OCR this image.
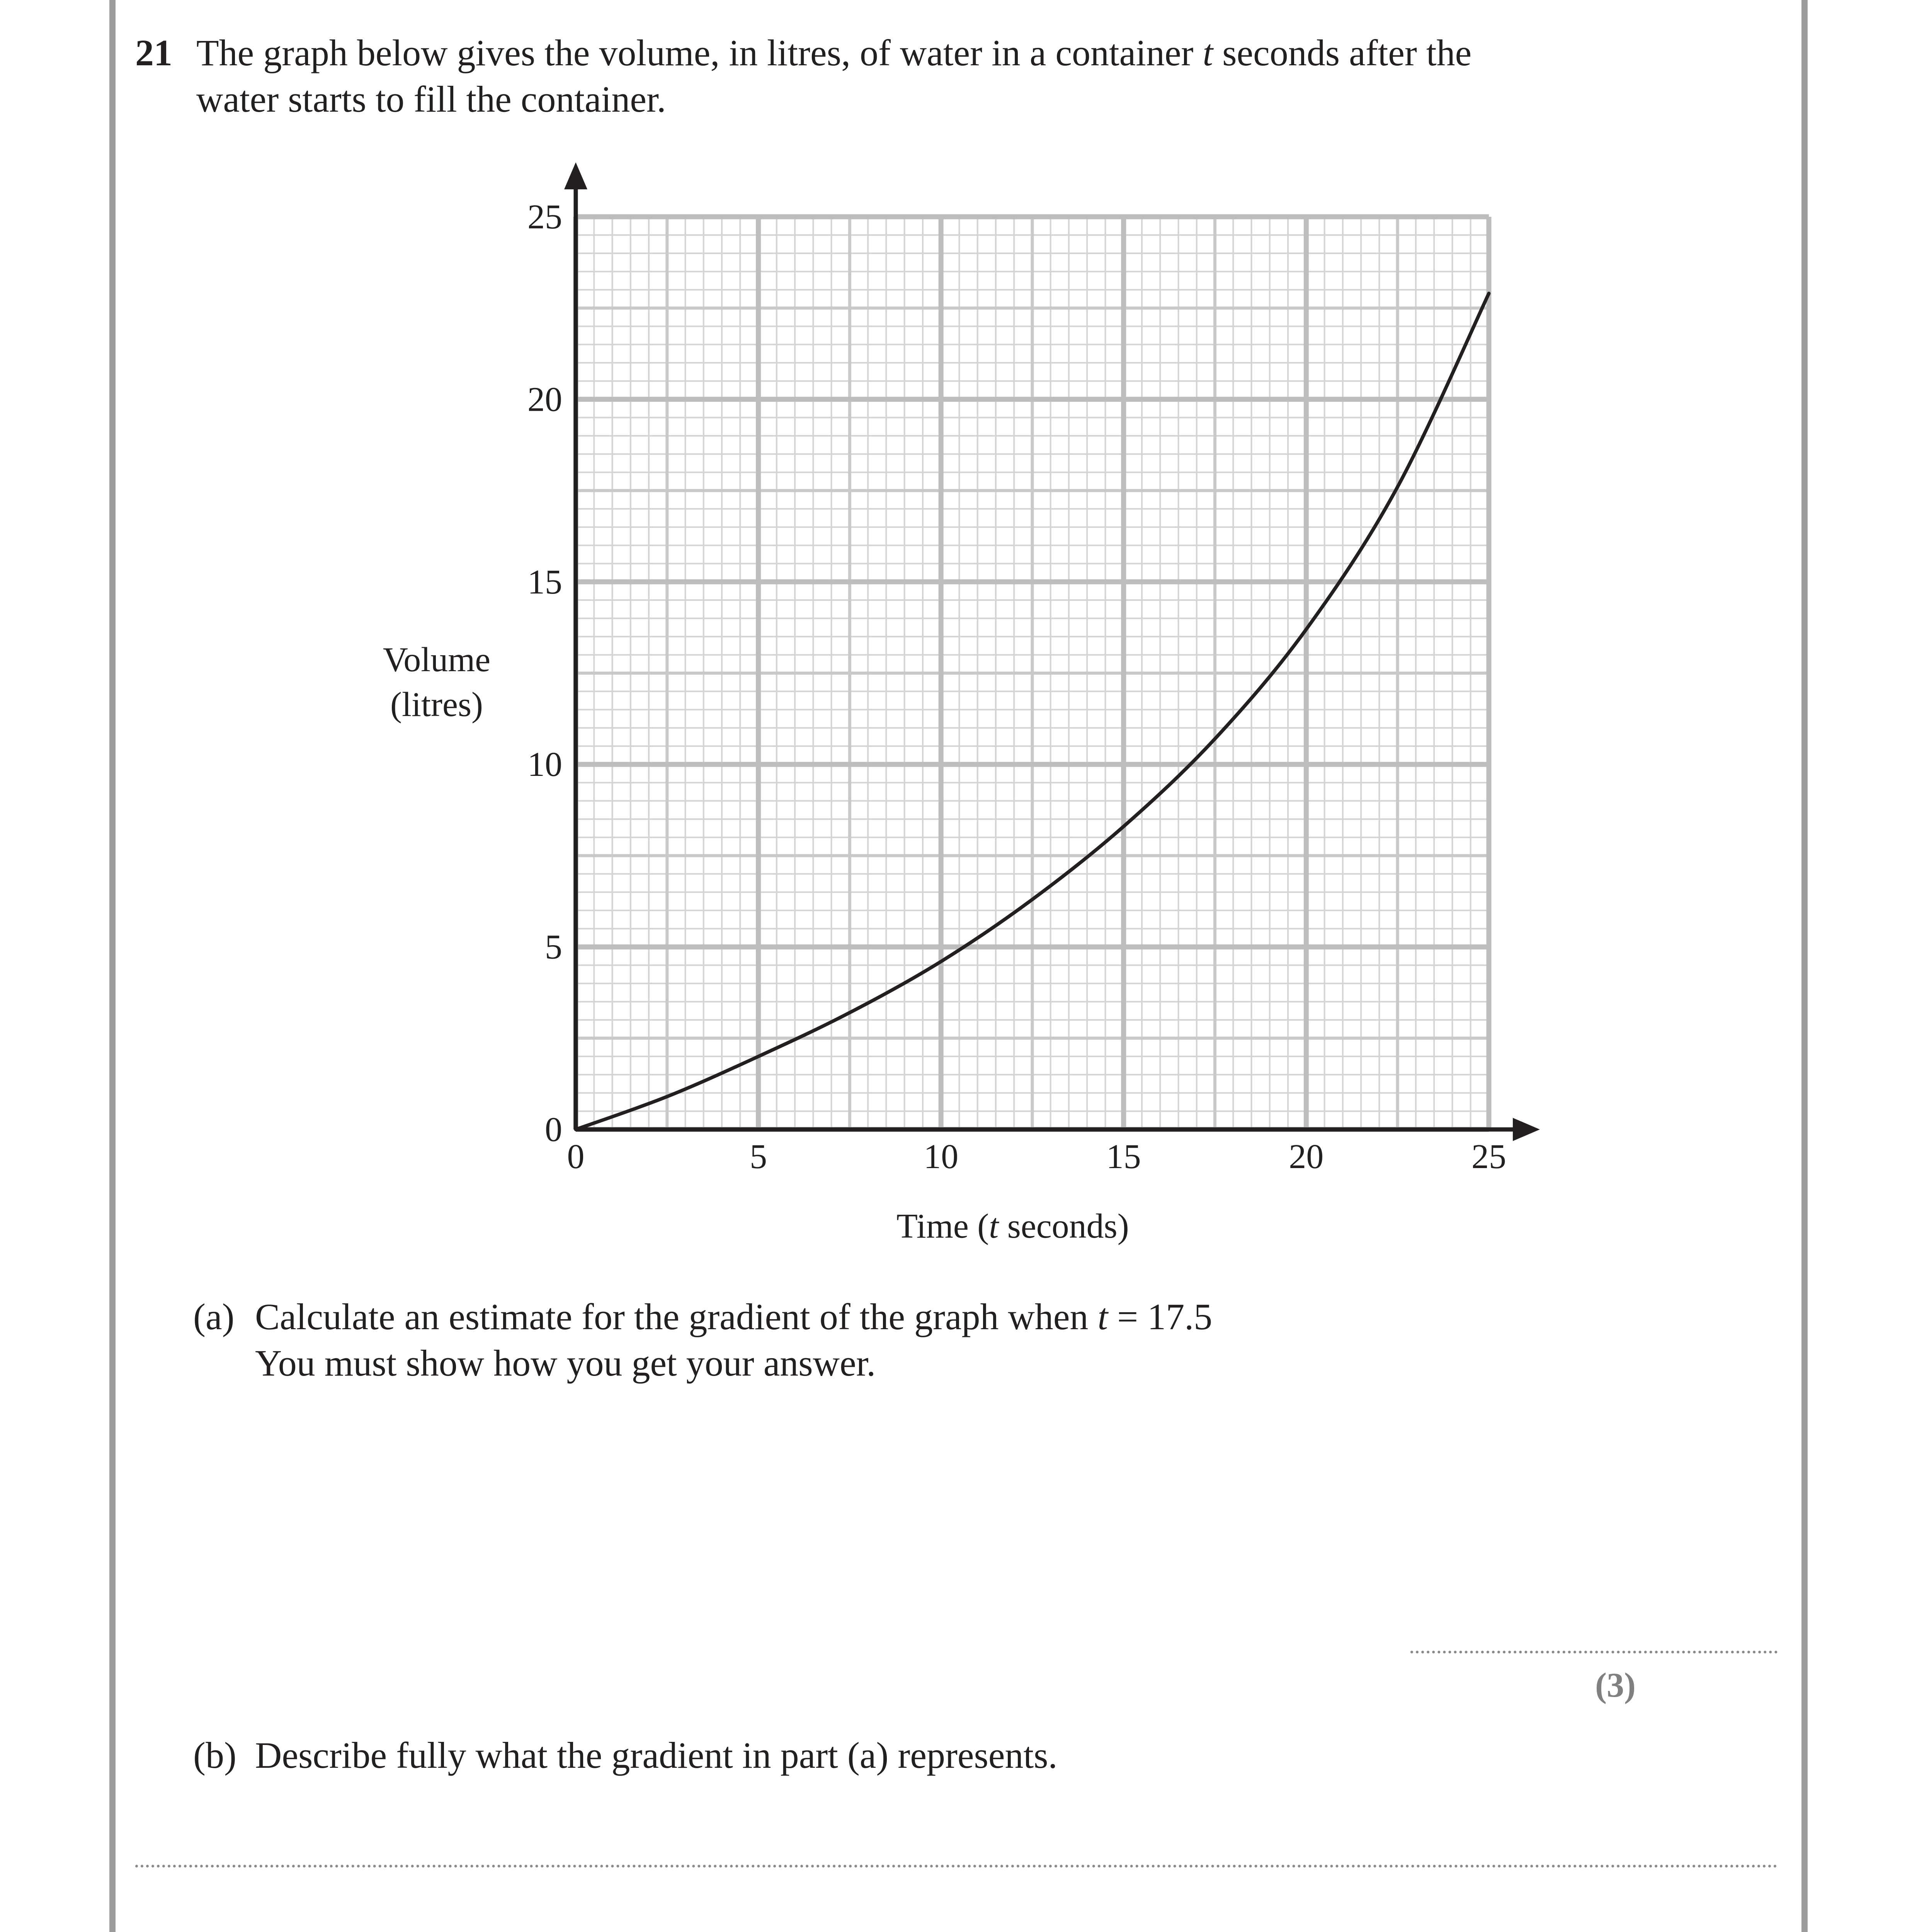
21 The graph below gives the volume, in litres, of water in a container t seconds after the
water starts to fill the container.
0	5	10	15	20	25
0
5
10
15
20
25
Volume
(litres)
Time (t seconds)
(a) Calculate an estimate for the gradient of the graph when t = 17.5
You must show how you get your answer.
(3)
(b) Describe fully what the gradient in part (a) represents.
